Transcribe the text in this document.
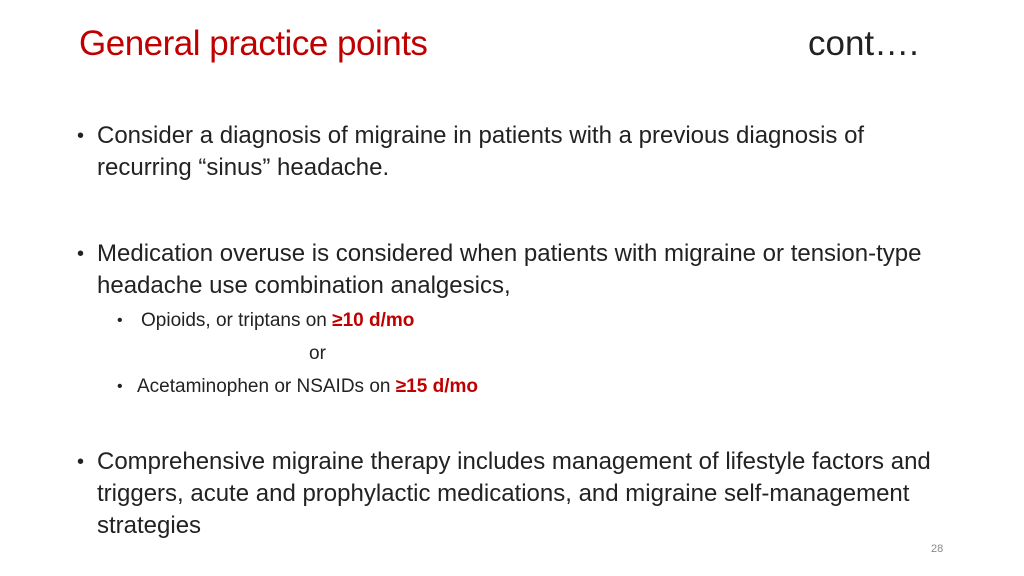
General practice points	cont….
• Consider a diagnosis of migraine in patients with a previous diagnosis of recurring “sinus” headache.
• Medication overuse is considered when patients with migraine or tension-type headache use combination analgesics,
• Opioids, or triptans on ≥10 d/mo
or
• Acetaminophen or NSAIDs on ≥15 d/mo
• Comprehensive migraine therapy includes management of lifestyle factors and triggers, acute and prophylactic medications, and migraine self-management strategies
28
